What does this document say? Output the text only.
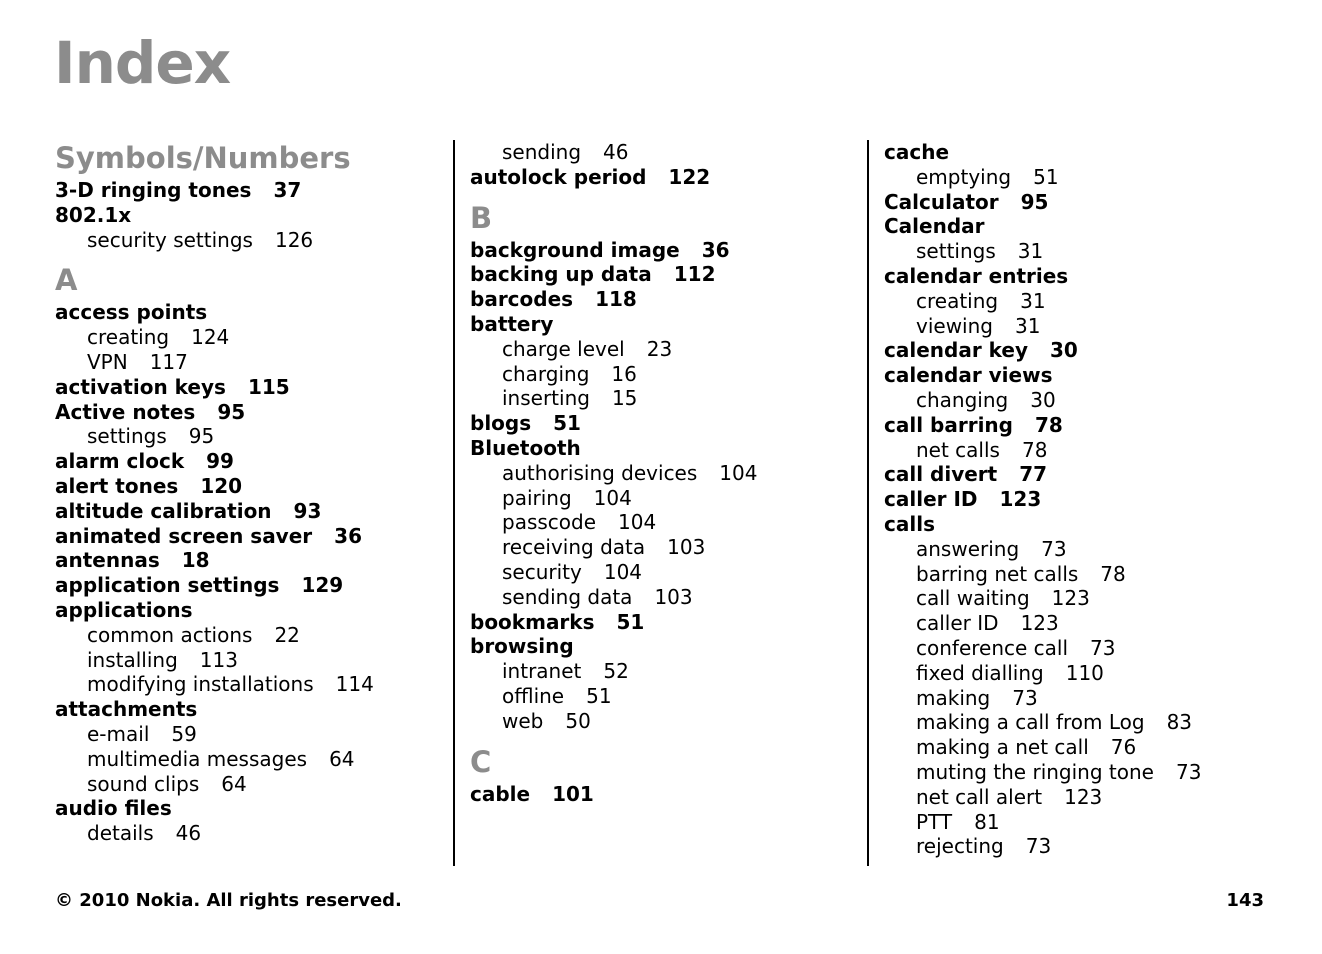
Index
Symbols/Numbers
3-D ringing tones 37
802.1x
security settings 126
A
access points
creating 124
VPN 117
activation keys 115
Active notes 95
settings 95
alarm clock 99
alert tones 120
altitude calibration 93
animated screen saver 36
antennas 18
application settings 129
applications
common actions 22
installing 113
modifying installations 114
attachments
e-mail 59
multimedia messages 64
sound clips 64
audio files
details 46
sending 46
autolock period 122
B
background image 36
backing up data 112
barcodes 118
battery
charge level 23
charging 16
inserting 15
blogs 51
Bluetooth
authorising devices 104
pairing 104
passcode 104
receiving data 103
security 104
sending data 103
bookmarks 51
browsing
intranet 52
offline 51
web 50
C
cable 101
cache
emptying 51
Calculator 95
Calendar
settings 31
calendar entries
creating 31
viewing 31
calendar key 30
calendar views
changing 30
call barring 78
net calls 78
call divert 77
caller ID 123
calls
answering 73
barring net calls 78
call waiting 123
caller ID 123
conference call 73
fixed dialling 110
making 73
making a call from Log 83
making a net call 76
muting the ringing tone 73
net call alert 123
PTT 81
rejecting 73
© 2010 Nokia. All rights reserved.	143
